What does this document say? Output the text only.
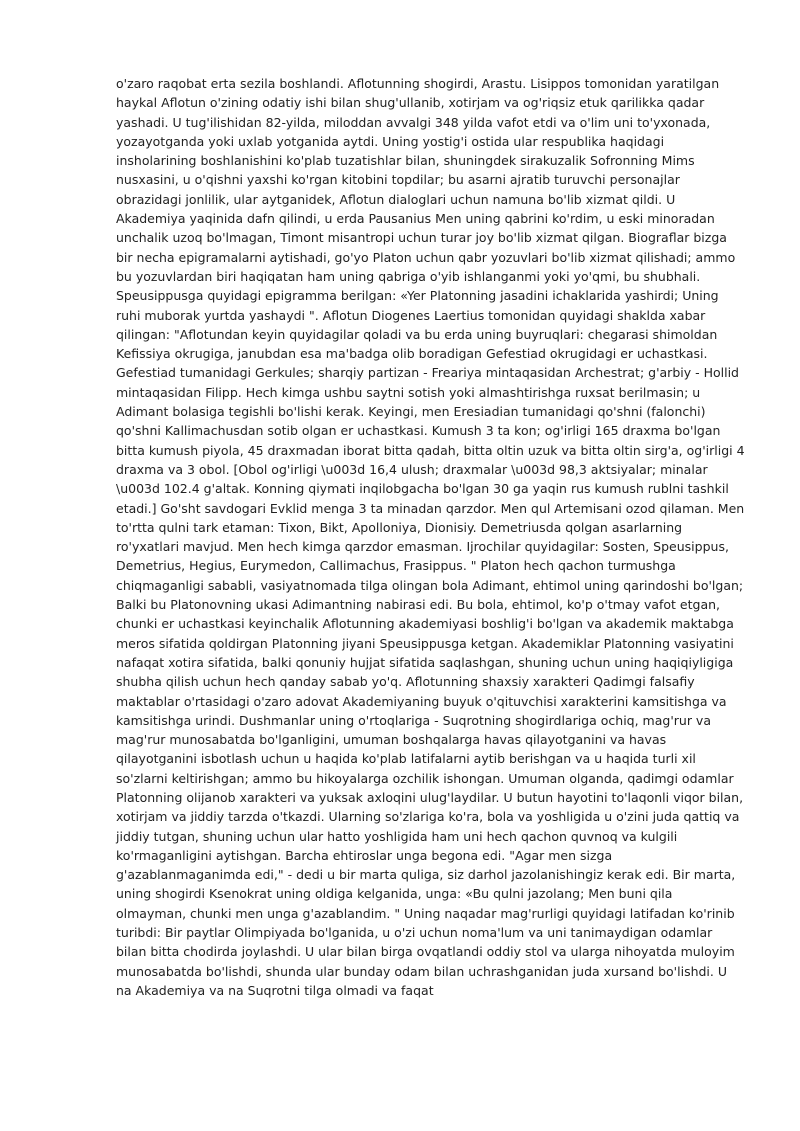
o'zaro raqobat erta sezila boshlandi. Aflotunning shogirdi, Arastu. Lisippos tomonidan yaratilgan haykal Aflotun o'zining odatiy ishi bilan shug'ullanib, xotirjam va og'riqsiz etuk qarilikka qadar yashadi. U tug'ilishidan 82-yilda, miloddan avvalgi 348 yilda vafot etdi va o'lim uni to'yxonada, yozayotganda yoki uxlab yotganida aytdi. Uning yostig'i ostida ular respublika haqidagi insholarining boshlanishini ko'plab tuzatishlar bilan, shuningdek sirakuzalik Sofronning Mims nusxasini, u o'qishni yaxshi ko'rgan kitobini topdilar; bu asarni ajratib turuvchi personajlar obrazidagi jonlilik, ular aytganidek, Aflotun dialoglari uchun namuna bo'lib xizmat qildi. U Akademiya yaqinida dafn qilindi, u erda Pausanius Men uning qabrini ko'rdim, u eski minoradan unchalik uzoq bo'lmagan, Timont misantropi uchun turar joy bo'lib xizmat qilgan. Biograflar bizga bir necha epigramalarni aytishadi, go'yo Platon uchun qabr yozuvlari bo'lib xizmat qilishadi; ammo bu yozuvlardan biri haqiqatan ham uning qabriga o'yib ishlanganmi yoki yo'qmi, bu shubhali. Speusippusga quyidagi epigramma berilgan: «Yer Platonning jasadini ichaklarida yashirdi; Uning ruhi muborak yurtda yashaydi ". Aflotun Diogenes Laertius tomonidan quyidagi shaklda xabar qilingan: "Aflotundan keyin quyidagilar qoladi va bu erda uning buyruqlari: chegarasi shimoldan Kefissiya okrugiga, janubdan esa ma'badga olib boradigan Gefestiad okrugidagi er uchastkasi. Gefestiad tumanidagi Gerkules; sharqiy partizan - Freariya mintaqasidan Archestrat; g'arbiy - Hollid mintaqasidan Filipp. Hech kimga ushbu saytni sotish yoki almashtirishga ruxsat berilmasin; u Adimant bolasiga tegishli bo'lishi kerak. Keyingi, men Eresiadian tumanidagi qo'shni (falonchi) qo'shni Kallimachusdan sotib olgan er uchastkasi. Kumush 3 ta kon; og'irligi 165 draxma bo'lgan bitta kumush piyola, 45 draxmadan iborat bitta qadah, bitta oltin uzuk va bitta oltin sirg'a, og'irligi 4 draxma va 3 obol. [Obol og'irligi \u003d 16,4 ulush; draxmalar \u003d 98,3 aktsiyalar; minalar \u003d 102.4 g'altak. Konning qiymati inqilobgacha bo'lgan 30 ga yaqin rus kumush rublni tashkil etadi.] Go'sht savdogari Evklid menga 3 ta minadan qarzdor. Men qul Artemisani ozod qilaman. Men to'rtta qulni tark etaman: Tixon, Bikt, Apolloniya, Dionisiy. Demetriusda qolgan asarlarning ro'yxatlari mavjud. Men hech kimga qarzdor emasman. Ijrochilar quyidagilar: Sosten, Speusippus, Demetrius, Hegius, Eurymedon, Callimachus, Frasippus. " Platon hech qachon turmushga chiqmaganligi sababli, vasiyatnomada tilga olingan bola Adimant, ehtimol uning qarindoshi bo'lgan; Balki bu Platonovning ukasi Adimantning nabirasi edi. Bu bola, ehtimol, ko'p o'tmay vafot etgan, chunki er uchastkasi keyinchalik Aflotunning akademiyasi boshlig'i bo'lgan va akademik maktabga meros sifatida qoldirgan Platonning jiyani Speusippusga ketgan. Akademiklar Platonning vasiyatini nafaqat xotira sifatida, balki qonuniy hujjat sifatida saqlashgan, shuning uchun uning haqiqiyligiga shubha qilish uchun hech qanday sabab yo'q. Aflotunning shaxsiy xarakteri Qadimgi falsafiy maktablar o'rtasidagi o'zaro adovat Akademiyaning buyuk o'qituvchisi xarakterini kamsitishga va kamsitishga urindi. Dushmanlar uning o'rtoqlariga - Suqrotning shogirdlariga ochiq, mag'rur va mag'rur munosabatda bo'lganligini, umuman boshqalarga havas qilayotganini va havas qilayotganini isbotlash uchun u haqida ko'plab latifalarni aytib berishgan va u haqida turli xil so'zlarni keltirishgan; ammo bu hikoyalarga ozchilik ishongan. Umuman olganda, qadimgi odamlar Platonning olijanob xarakteri va yuksak axloqini ulug'laydilar. U butun hayotini to'laqonli viqor bilan, xotirjam va jiddiy tarzda o'tkazdi. Ularning so'zlariga ko'ra, bola va yoshligida u o'zini juda qattiq va jiddiy tutgan, shuning uchun ular hatto yoshligida ham uni hech qachon quvnoq va kulgili ko'rmaganligini aytishgan. Barcha ehtiroslar unga begona edi. "Agar men sizga g'azablanmaganimda edi," - dedi u bir marta quliga, siz darhol jazolanishingiz kerak edi. Bir marta, uning shogirdi Ksenokrat uning oldiga kelganida, unga: «Bu qulni jazolang; Men buni qila olmayman, chunki men unga g'azablandim. " Uning naqadar mag'rurligi quyidagi latifadan ko'rinib turibdi: Bir paytlar Olimpiyada bo'lganida, u o'zi uchun noma'lum va uni tanimaydigan odamlar bilan bitta chodirda joylashdi. U ular bilan birga ovqatlandi oddiy stol va ularga nihoyatda muloyim munosabatda bo'lishdi, shunda ular bunday odam bilan uchrashganidan juda xursand bo'lishdi. U na Akademiya va na Suqrotni tilga olmadi va faqat
